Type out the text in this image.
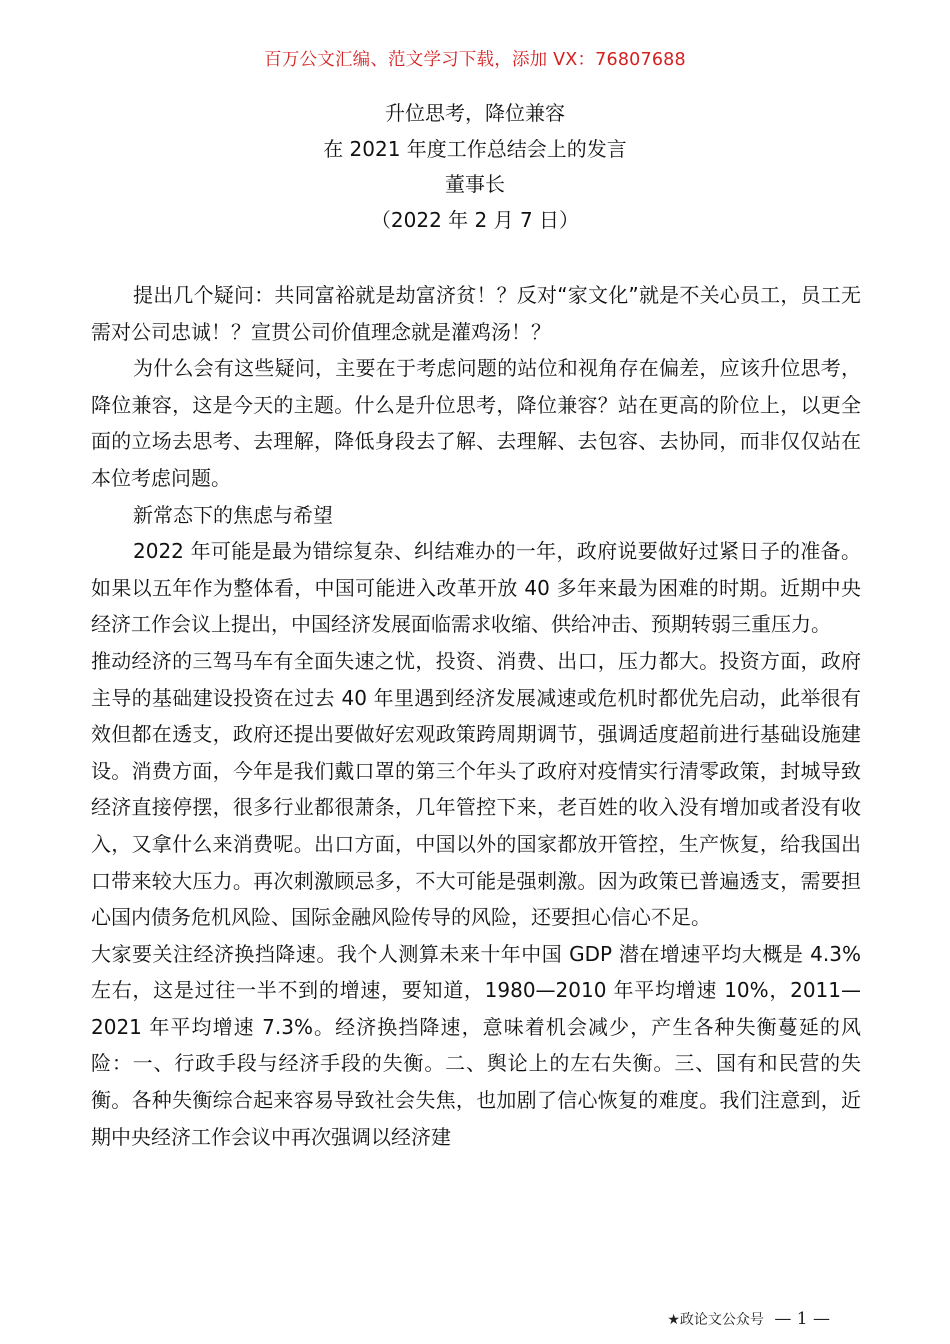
百万公文汇编、范文学习下载，添加 VX：76807688
升位思考，降位兼容
在 2021 年度工作总结会上的发言
董事长
（2022 年 2 月 7 日）

提出几个疑问：共同富裕就是劫富济贫！？反对“家文化”就是不关心员工，员工无需对公司忠诚！？宣贯公司价值理念就是灌鸡汤！？

为什么会有这些疑问，主要在于考虑问题的站位和视角存在偏差，应该升位思考，降位兼容，这是今天的主题。什么是升位思考，降位兼容？站在更高的阶位上，以更全面的立场去思考、去理解，降低身段去了解、去理解、去包容、去协同，而非仅仅站在本位考虑问题。

新常态下的焦虑与希望

2022 年可能是最为错综复杂、纠结难办的一年，政府说要做好过紧日子的准备。如果以五年作为整体看，中国可能进入改革开放 40 多年来最为困难的时期。近期中央经济工作会议上提出，中国经济发展面临需求收缩、供给冲击、预期转弱三重压力。

推动经济的三驾马车有全面失速之忧，投资、消费、出口，压力都大。投资方面，政府主导的基础建设投资在过去 40 年里遇到经济发展减速或危机时都优先启动，此举很有效但都在透支，政府还提出要做好宏观政策跨周期调节，强调适度超前进行基础设施建设。消费方面，今年是我们戴口罩的第三个年头了政府对疫情实行清零政策，封城导致经济直接停摆，很多行业都很萧条，几年管控下来，老百姓的收入没有增加或者没有收入，又拿什么来消费呢。出口方面，中国以外的国家都放开管控，生产恢复，给我国出口带来较大压力。再次刺激顾忌多，不大可能是强刺激。因为政策已普遍透支，需要担心国内债务危机风险、国际金融风险传导的风险，还要担心信心不足。

大家要关注经济换挡降速。我个人测算未来十年中国 GDP 潜在增速平均大概是 4.3%左右，这是过往一半不到的增速，要知道，1980—2010 年平均增速 10%，2011—2021 年平均增速 7.3%。经济换挡降速，意味着机会减少，产生各种失衡蔓延的风险：一、行政手段与经济手段的失衡。二、舆论上的左右失衡。三、国有和民营的失衡。各种失衡综合起来容易导致社会失焦，也加剧了信心恢复的难度。我们注意到，近期中央经济工作会议中再次强调以经济建

★政论文公众号 — 1 —
